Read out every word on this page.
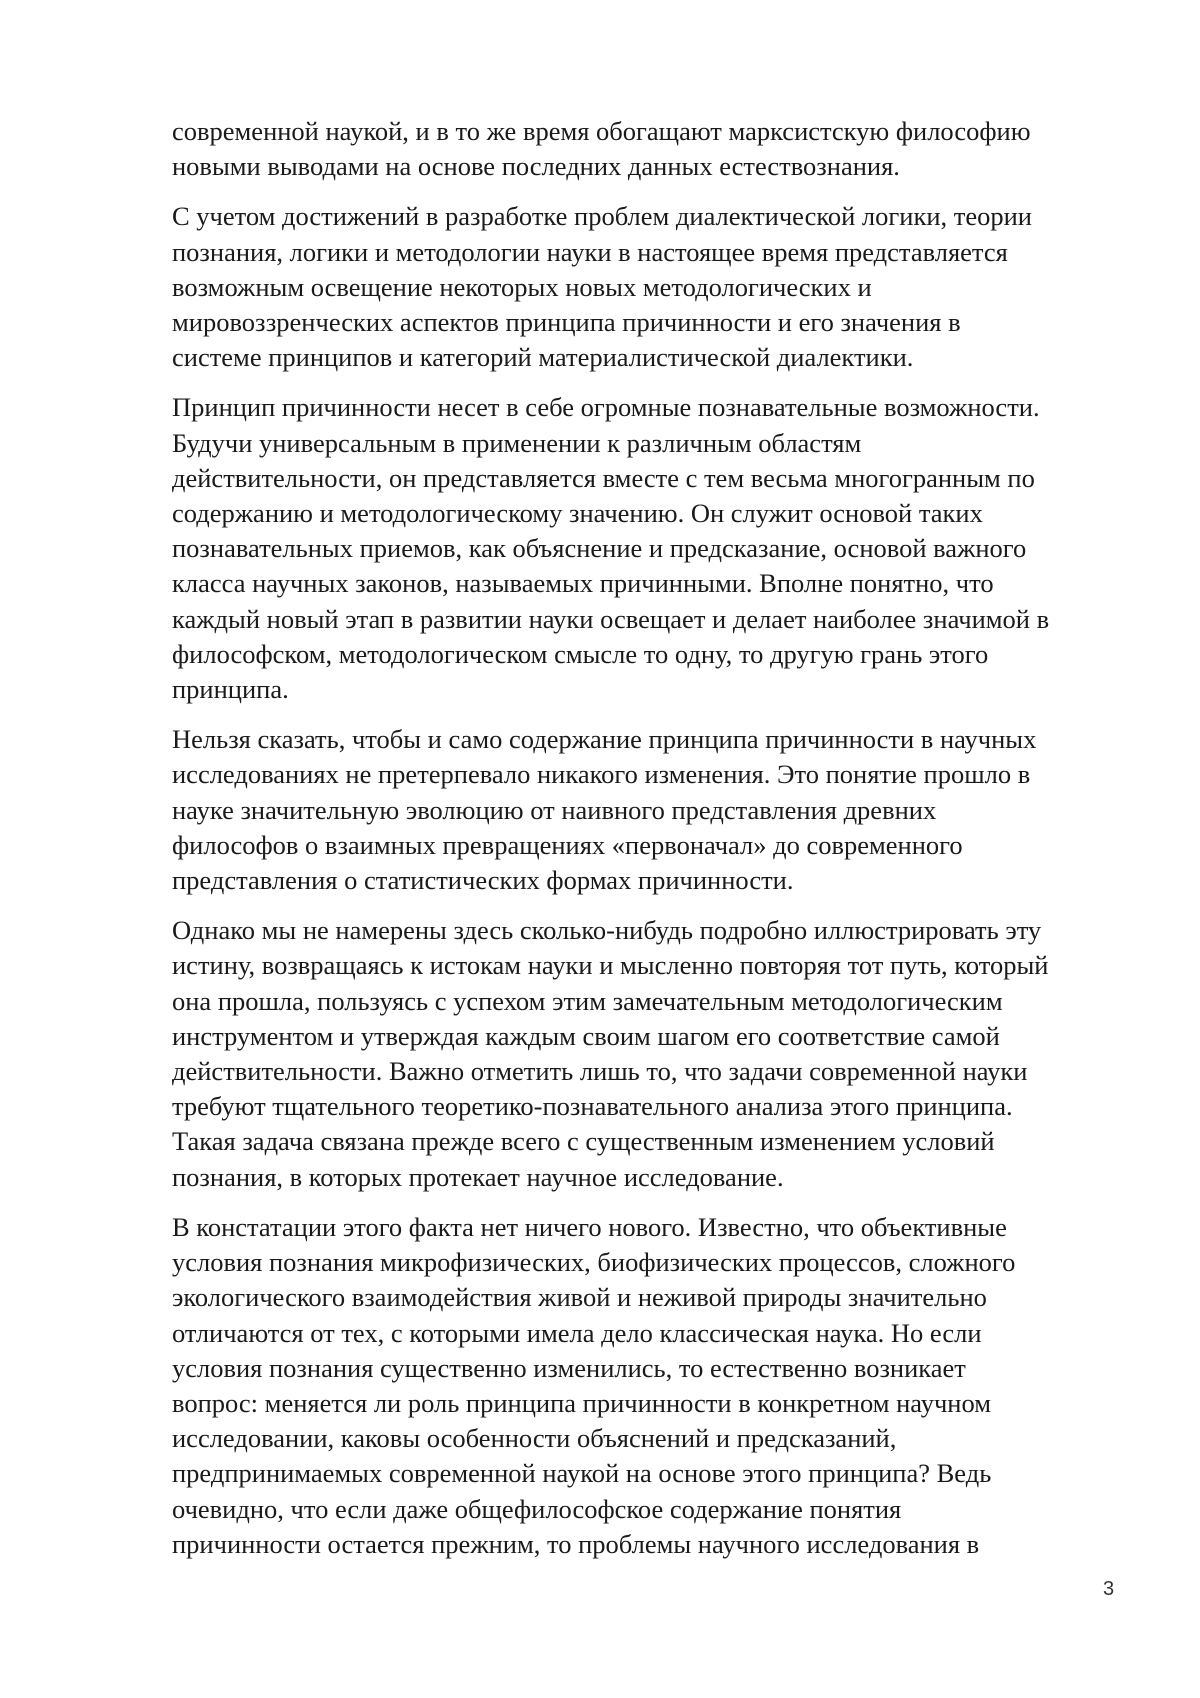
современной наукой, и в то же время обогащают марксистскую философию
новыми выводами на основе последних данных естествознания.
С учетом достижений в разработке проблем диалектической логики, теории
познания, логики и методологии науки в настоящее время представляется
возможным освещение некоторых новых методологических и
мировоззренческих аспектов принципа причинности и его значения в
системе принципов и категорий материалистической диалектики.
Принцип причинности несет в себе огромные познавательные возможности.
Будучи универсальным в применении к различным областям
действительности, он представляется вместе с тем весьма многогранным по
содержанию и методологическому значению. Он служит основой таких
познавательных приемов, как объяснение и предсказание, основой важного
класса научных законов, называемых причинными. Вполне понятно, что
каждый новый этап в развитии науки освещает и делает наиболее значимой в
философском, методологическом смысле то одну, то другую грань этого
принципа.
Нельзя сказать, чтобы и само содержание принципа причинности в научных
исследованиях не претерпевало никакого изменения. Это понятие прошло в
науке значительную эволюцию от наивного представления древних
философов о взаимных превращениях «первоначал» до современного
представления о статистических формах причинности.
Однако мы не намерены здесь сколько-нибудь подробно иллюстрировать эту
истину, возвращаясь к истокам науки и мысленно повторяя тот путь, который
она прошла, пользуясь с успехом этим замечательным методологическим
инструментом и утверждая каждым своим шагом его соответствие самой
действительности. Важно отметить лишь то, что задачи современной науки
требуют тщательного теоретико-познавательного анализа этого принципа.
Такая задача связана прежде всего с существенным изменением условий
познания, в которых протекает научное исследование.
В констатации этого факта нет ничего нового. Известно, что объективные
условия познания микрофизических, биофизических процессов, сложного
экологического взаимодействия живой и неживой природы значительно
отличаются от тех, с которыми имела дело классическая наука. Но если
условия познания существенно изменились, то естественно возникает
вопрос: меняется ли роль принципа причинности в конкретном научном
исследовании, каковы особенности объяснений и предсказаний,
предпринимаемых современной наукой на основе этого принципа? Ведь
очевидно, что если даже общефилософское содержание понятия
причинности остается прежним, то проблемы научного исследования в
3
